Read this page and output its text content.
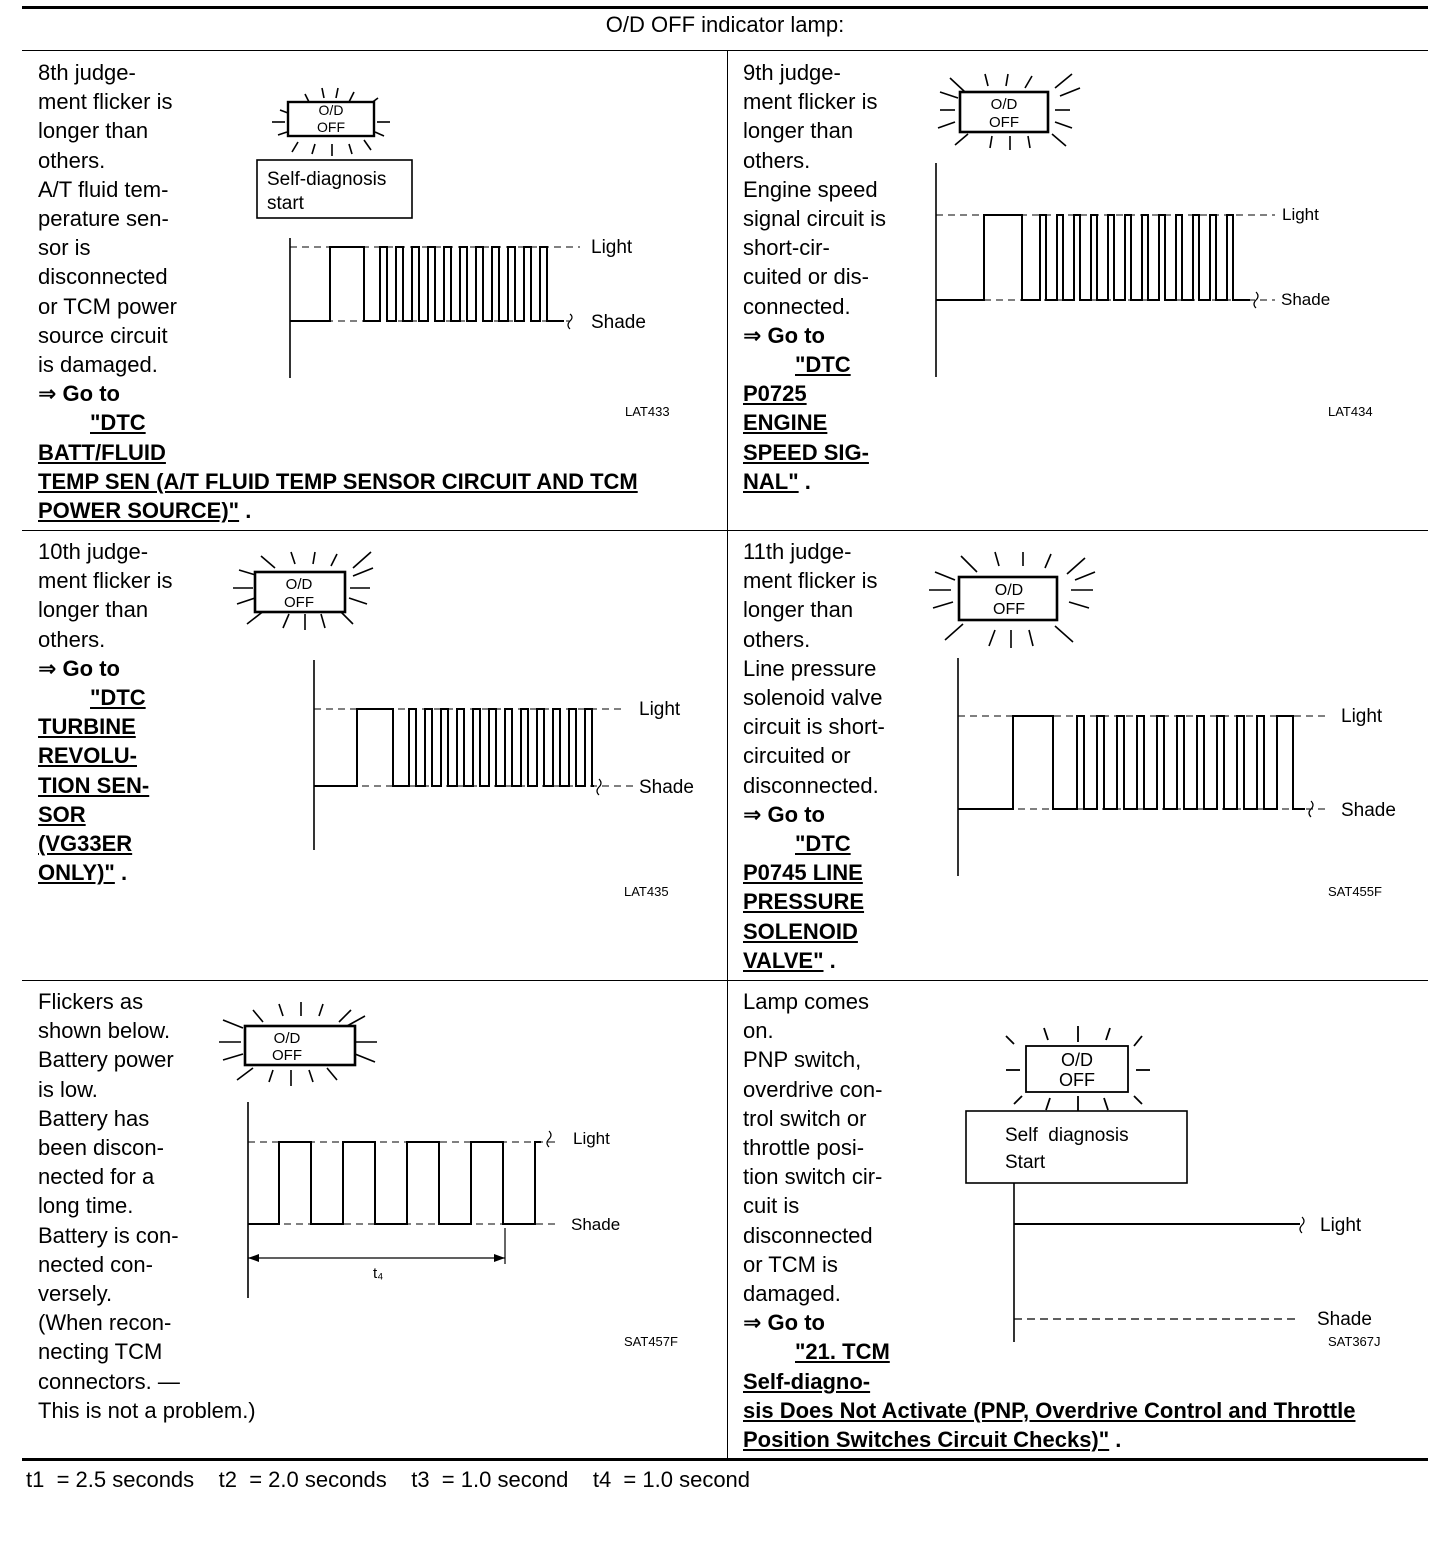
O/D OFF indicator lamp:
8th judge-
ment flicker is
longer than
others.
A/T fluid tem-
perature sen-
sor is
disconnected
or TCM power
source circuit
is damaged.
⇒ Go to
"DTC
BATT/FLUID
TEMP SEN (A/T FLUID TEMP SENSOR CIRCUIT AND TCM
POWER SOURCE)" .
9th judge-
ment flicker is
longer than
others.
Engine speed
signal circuit is
short-cir-
cuited or dis-
connected.
⇒ Go to
"DTC
P0725
ENGINE
SPEED SIG-
NAL" .
10th judge-
ment flicker is
longer than
others.
⇒ Go to
"DTC
TURBINE
REVOLU-
TION SEN-
SOR
(VG33ER
ONLY)" .
11th judge-
ment flicker is
longer than
others.
Line pressure
solenoid valve
circuit is short-
circuited or
disconnected.
⇒ Go to
"DTC
P0745 LINE
PRESSURE
SOLENOID
VALVE" .
Flickers as
shown below.
Battery power
is low.
Battery has
been discon-
nected for a
long time.
Battery is con-
nected con-
versely.
(When recon-
necting TCM
connectors. —
This is not a problem.)
Lamp comes
on.
PNP switch,
overdrive con-
trol switch or
throttle posi-
tion switch cir-
cuit is
disconnected
or TCM is
damaged.
⇒ Go to
"21. TCM
Self-diagno-
sis Does Not Activate (PNP, Overdrive Control and Throttle
Position Switches Circuit Checks)" .
O/D
OFF
Self-diagnosis
start
Light
Shade
LAT433
O/D
OFF
Light
Shade
LAT434
O/D
OFF
Light
Shade
LAT435
O/D
OFF
Light
Shade
SAT455F
O/D
OFF
t₄
Light
Shade
SAT457F
O/D
OFF
Self  diagnosis
Start
Light
Shade
SAT367J
t1  = 2.5 seconds    t2  = 2.0 seconds    t3  = 1.0 second    t4  = 1.0 second
